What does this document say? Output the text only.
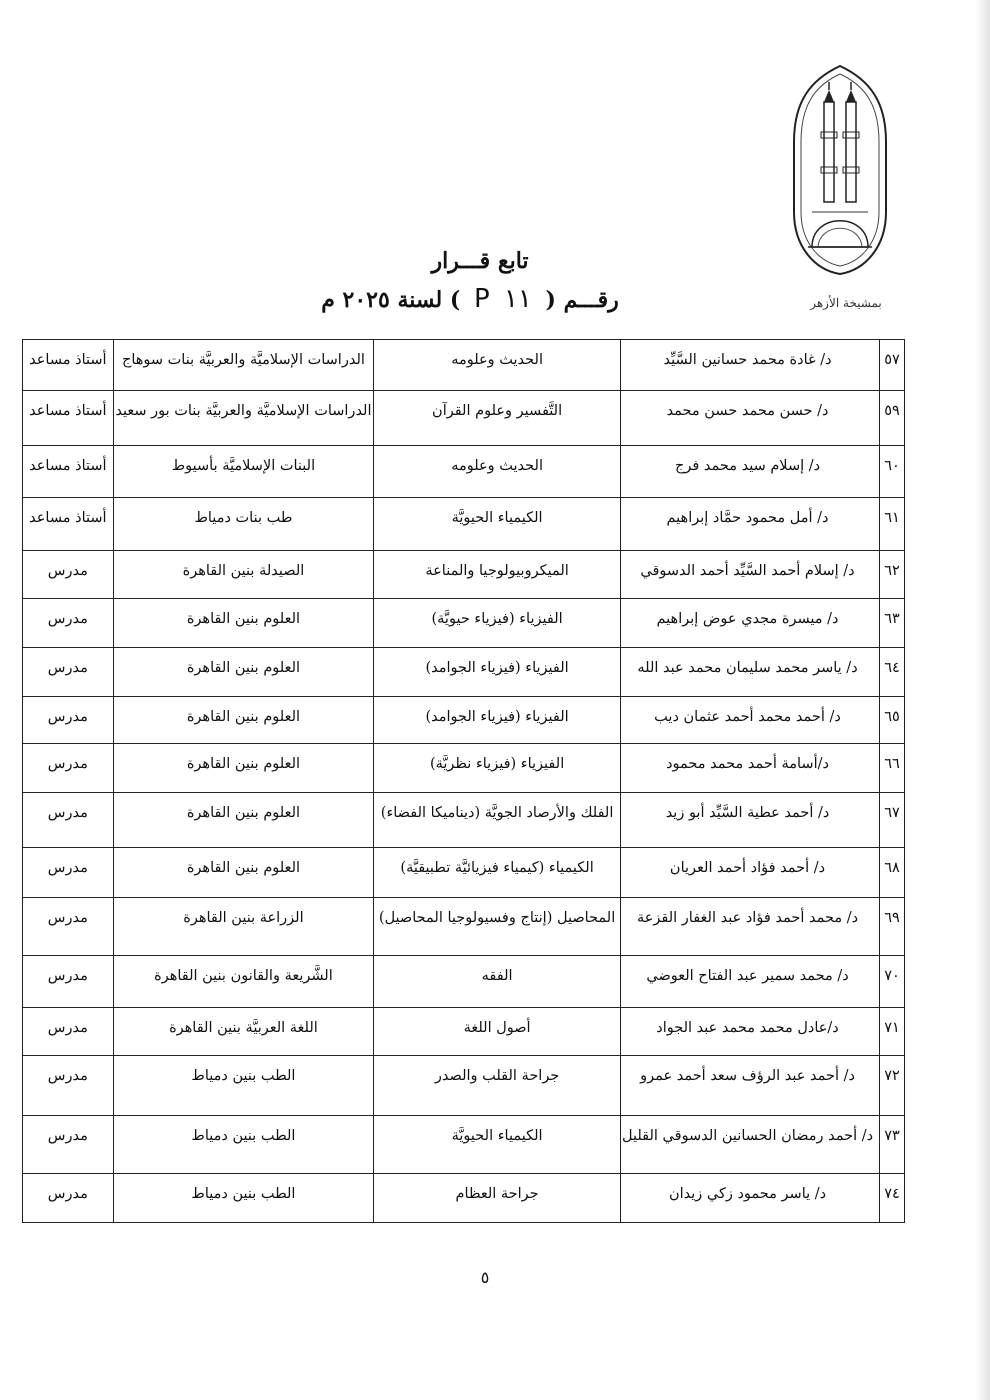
بمشيخة الأزهر
تابع قـــرار
رقـــم ( ١١ P ) لسنة ٢٠٢٥ م
٥٧	د/ غادة محمد حسانين السَّيِّد	الحديث وعلومه	الدراسات الإسلاميَّة والعربيَّة بنات سوهاج	أستاذ مساعد
٥٩	د/ حسن محمد حسن محمد	التَّفسير وعلوم القرآن	الدراسات الإسلاميَّة والعربيَّة بنات بور سعيد	أستاذ مساعد
٦٠	د/ إسلام سيد محمد فرج	الحديث وعلومه	البنات الإسلاميَّة بأسيوط	أستاذ مساعد
٦١	د/ أمل محمود حمَّاد إبراهيم	الكيمياء الحيويَّة	طب بنات دمياط	أستاذ مساعد
٦٢	د/ إسلام أحمد السَّيِّد أحمد الدسوقي	الميكروبيولوجيا والمناعة	الصيدلة بنين القاهرة	مدرس
٦٣	د/ ميسرة مجدي عوض إبراهيم	الفيزياء (فيزياء حيويَّة)	العلوم بنين القاهرة	مدرس
٦٤	د/ ياسر محمد سليمان محمد عبد الله	الفيزياء (فيزياء الجوامد)	العلوم بنين القاهرة	مدرس
٦٥	د/ أحمد محمد أحمد عثمان ديب	الفيزياء (فيزياء الجوامد)	العلوم بنين القاهرة	مدرس
٦٦	د/أسامة أحمد محمد محمود	الفيزياء (فيزياء نظريَّة)	العلوم بنين القاهرة	مدرس
٦٧	د/ أحمد عطية السَّيِّد أبو زيد	الفلك والأرصاد الجويَّة (ديناميكا الفضاء)	العلوم بنين القاهرة	مدرس
٦٨	د/ أحمد فؤاد أحمد العريان	الكيمياء (كيمياء فيزيائيَّة تطبيقيَّة)	العلوم بنين القاهرة	مدرس
٦٩	د/ محمد أحمد فؤاد عبد الغفار القزعة	المحاصيل (إنتاج وفسيولوجيا المحاصيل)	الزراعة بنين القاهرة	مدرس
٧٠	د/ محمد سمير عبد الفتاح العوضي	الفقه	الشَّريعة والقانون بنين القاهرة	مدرس
٧١	د/عادل محمد محمد عبد الجواد	أصول اللغة	اللغة العربيَّة بنين القاهرة	مدرس
٧٢	د/ أحمد عبد الرؤف سعد أحمد عمرو	جراحة القلب والصدر	الطب بنين دمياط	مدرس
٧٣	د/ أحمد رمضان الحسانين الدسوقي القليل	الكيمياء الحيويَّة	الطب بنين دمياط	مدرس
٧٤	د/ ياسر محمود زكي زيدان	جراحة العظام	الطب بنين دمياط	مدرس
٥
